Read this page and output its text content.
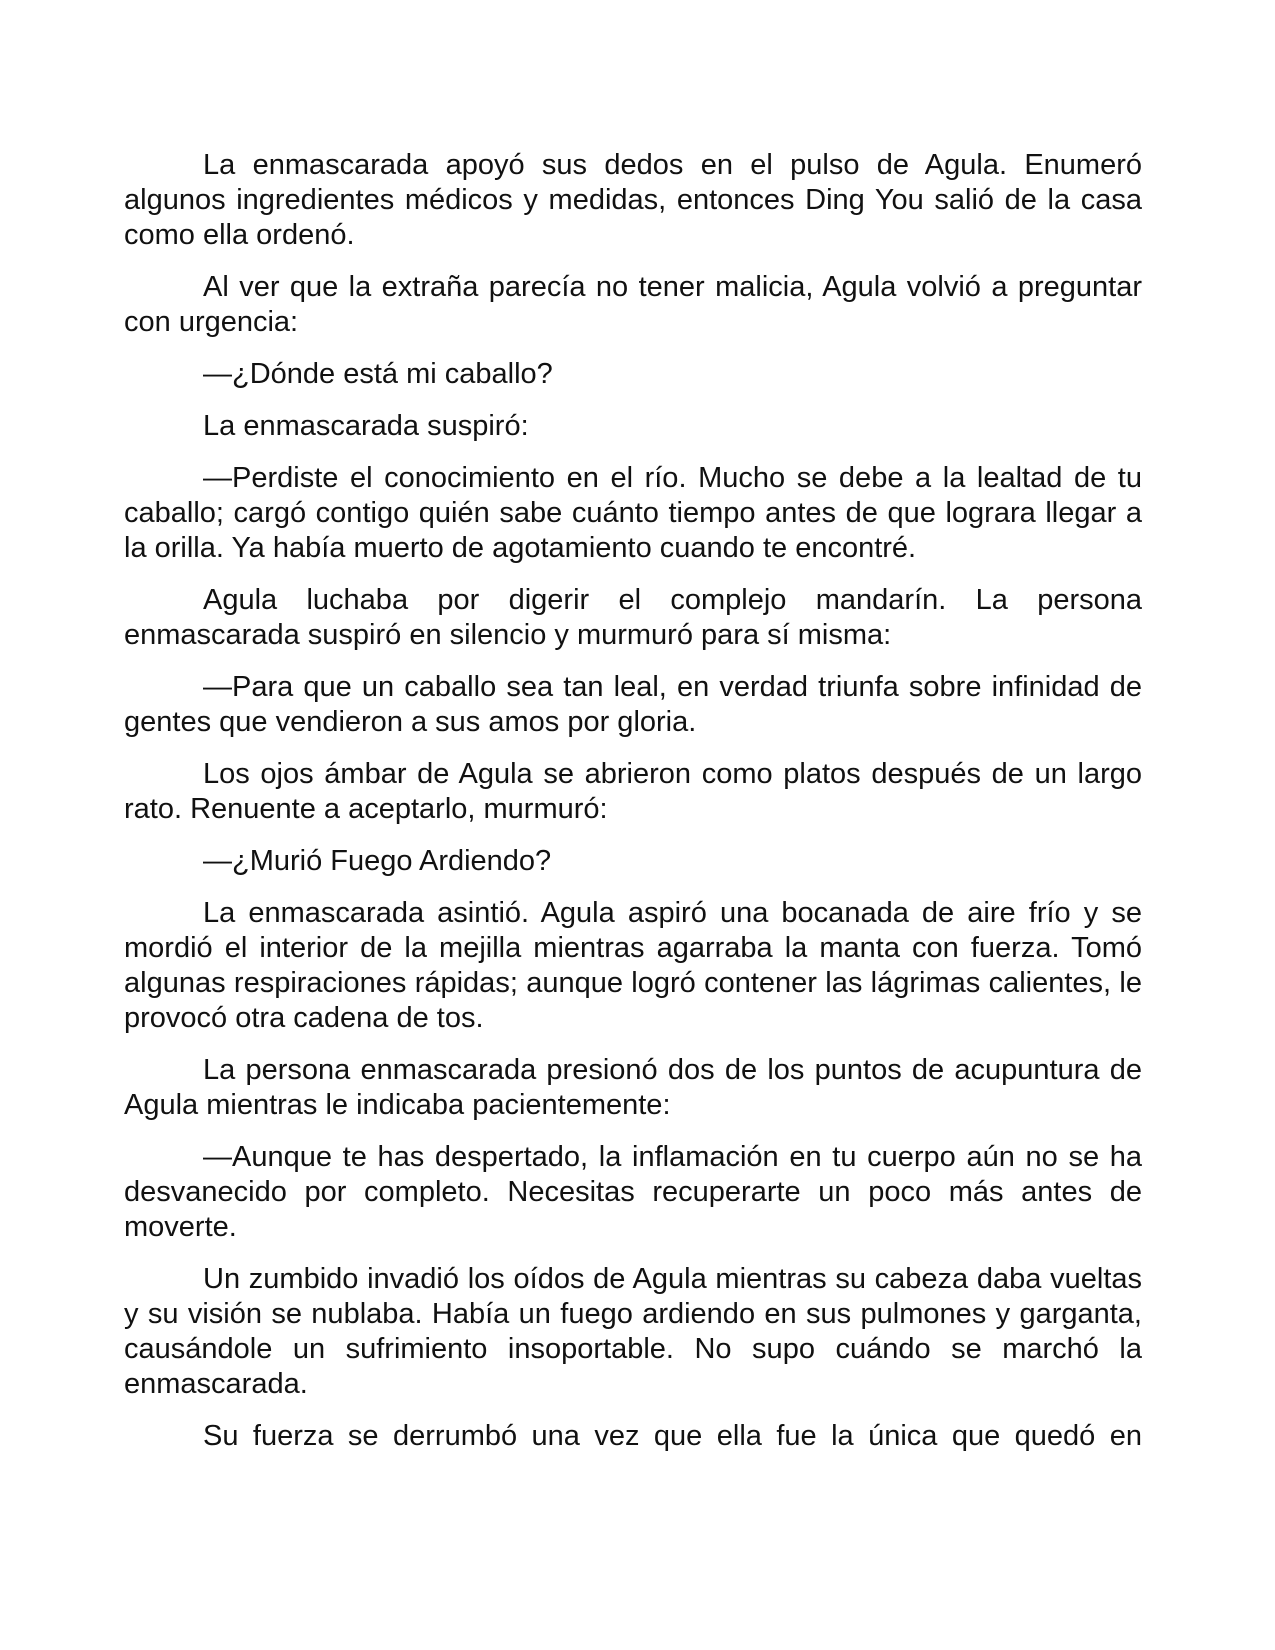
La enmascarada apoyó sus dedos en el pulso de Agula. Enumeró algunos ingredientes médicos y medidas, entonces Ding You salió de la casa como ella ordenó.

Al ver que la extraña parecía no tener malicia, Agula volvió a preguntar con urgencia:

—¿Dónde está mi caballo?

La enmascarada suspiró:

—Perdiste el conocimiento en el río. Mucho se debe a la lealtad de tu caballo; cargó contigo quién sabe cuánto tiempo antes de que lograra llegar a la orilla. Ya había muerto de agotamiento cuando te encontré.

Agula luchaba por digerir el complejo mandarín. La persona enmascarada suspiró en silencio y murmuró para sí misma:

—Para que un caballo sea tan leal, en verdad triunfa sobre infinidad de gentes que vendieron a sus amos por gloria.

Los ojos ámbar de Agula se abrieron como platos después de un largo rato. Renuente a aceptarlo, murmuró:

—¿Murió Fuego Ardiendo?

La enmascarada asintió. Agula aspiró una bocanada de aire frío y se mordió el interior de la mejilla mientras agarraba la manta con fuerza. Tomó algunas respiraciones rápidas; aunque logró contener las lágrimas calientes, le provocó otra cadena de tos.

La persona enmascarada presionó dos de los puntos de acupuntura de Agula mientras le indicaba pacientemente:

—Aunque te has despertado, la inflamación en tu cuerpo aún no se ha desvanecido por completo. Necesitas recuperarte un poco más antes de moverte.

Un zumbido invadió los oídos de Agula mientras su cabeza daba vueltas y su visión se nublaba. Había un fuego ardiendo en sus pulmones y garganta, causándole un sufrimiento insoportable. No supo cuándo se marchó la enmascarada.

Su fuerza se derrumbó una vez que ella fue la única que quedó en
